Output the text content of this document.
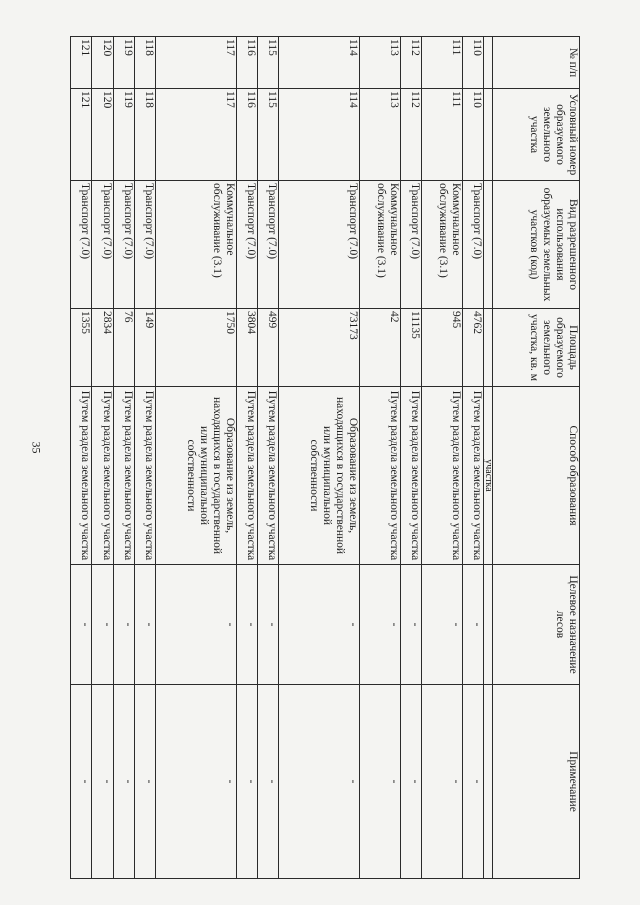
35
№ п/п	Условный номер образуемого земельного участка	Вид разрешенного использования образуемых земельных участков (код)	Площадь образуемого земельного участка, кв. м	Способ образования	Целевое назначение лесов	Примечание
				участка		
110	110	Транспорт (7.0)	4762	Путем раздела земельного участка	-	-
111	111	Коммунальное обслуживание (3.1)	945	Путем раздела земельного участка	-	-
112	112	Транспорт (7.0)	11135	Путем раздела земельного участка	-	-
113	113	Коммунальное обслуживание (3.1)	42	Путем раздела земельного участка	-	-
114	114	Транспорт (7.0)	73173	Образование из земель, находящихся в государственной или муниципальной собственности	-	-
115	115	Транспорт (7.0)	499	Путем раздела земельного участка	-	-
116	116	Транспорт (7.0)	3804	Путем раздела земельного участка	-	-
117	117	Коммунальное обслуживание (3.1)	1750	Образование из земель, находящихся в государственной или муниципальной собственности	-	-
118	118	Транспорт (7.0)	149	Путем раздела земельного участка	-	-
119	119	Транспорт (7.0)	76	Путем раздела земельного участка	-	-
120	120	Транспорт (7.0)	2834	Путем раздела земельного участка	-	-
121	121	Транспорт (7.0)	1355	Путем раздела земельного участка	-	-
